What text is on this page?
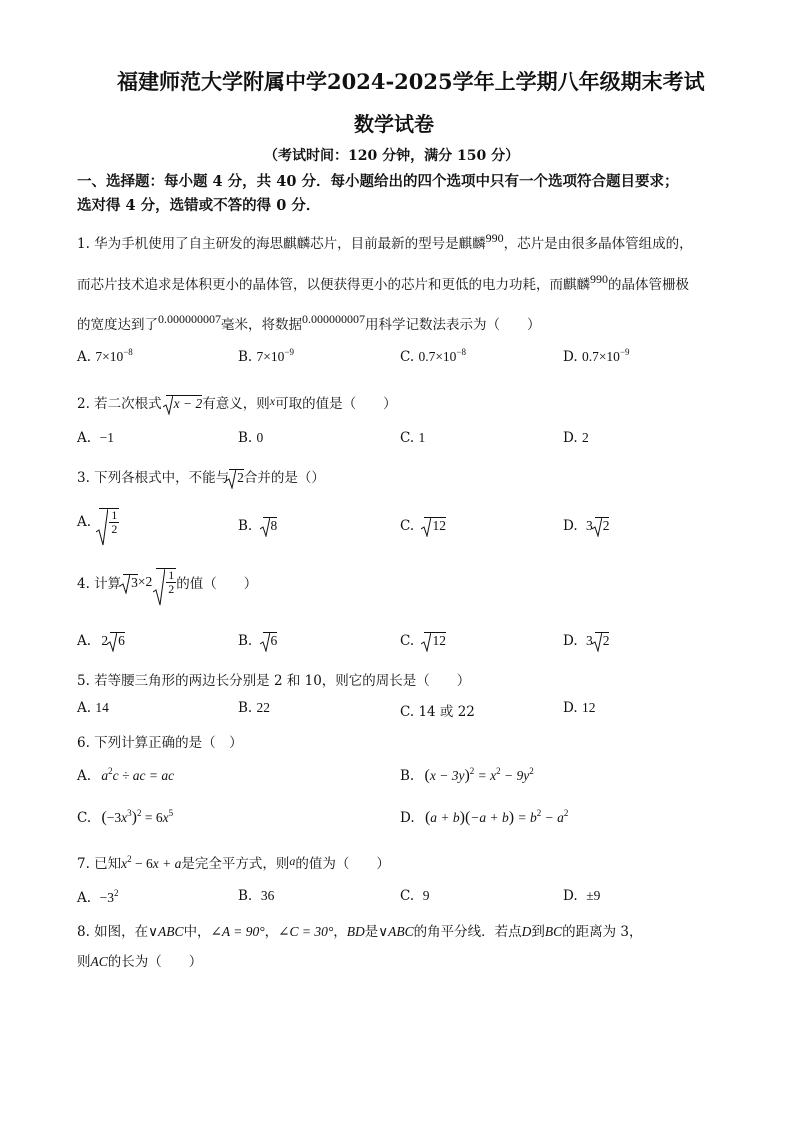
福建师范大学附属中学2024-2025学年上学期八年级期末考试
数学试卷
（考试时间：120 分钟，满分 150 分）
一、选择题：每小题 4 分，共 40 分．每小题给出的四个选项中只有一个选项符合题目要求；
选对得 4 分，选错或不答的得 0 分．
1. 华为手机使用了自主研发的海思麒麟芯片，目前最新的型号是麒麟$^{990}$，芯片是由很多晶体管组成的，
而芯片技术追求是体积更小的晶体管，以便获得更小的芯片和更低的电力功耗，而麒麟$^{990}$的晶体管栅极
的宽度达到了$^{0.000000007}$毫米，将数据$^{0.000000007}$用科学记数法表示为（　　）
A. $7\times 10^{-8}$	B. $7\times 10^{-9}$	C. $0.7\times 10^{-8}$	D. $0.7\times 10^{-9}$
2. 若二次根式 x − 2有意义，则x可取的值是（　　）
A. −1	B. 0	C. 1	D. 2
3. 下列各根式中，不能与 2合并的是（）
A. $\frac{1}{2}$	B. 8	C. 12	D. 3 2
4. 计算 $3\times 2 \frac{1}{2}$ 的值（　　）
A. 2 6	B. 6	C. 12	D. 3 2
5. 若等腰三角形的两边长分别是 2 和 10，则它的周长是（　　）
A. 14	B. 22	C. 14 或 22	D. 12
6. 下列计算正确的是（　）
A. $a^2c$ ÷ ac = ac	B. $(x - 3y)^2 = x^2 - 9y^2$
C. $(-3x^3)^2 = 6x^5$	D. $(a + b)(-a + b) = b^2 - a^2$
7. 已知$x^2 - 6x + a$是完全平方式，则a的值为（　　）
A. $-3^2$	B. 36	C. 9	D. ±9
8. 如图，在∨ABC中，∠A = 90°，∠C = 30°，BD是∨ABC的角平分线．若点D到BC的距离为 3，
则AC的长为（　　）
